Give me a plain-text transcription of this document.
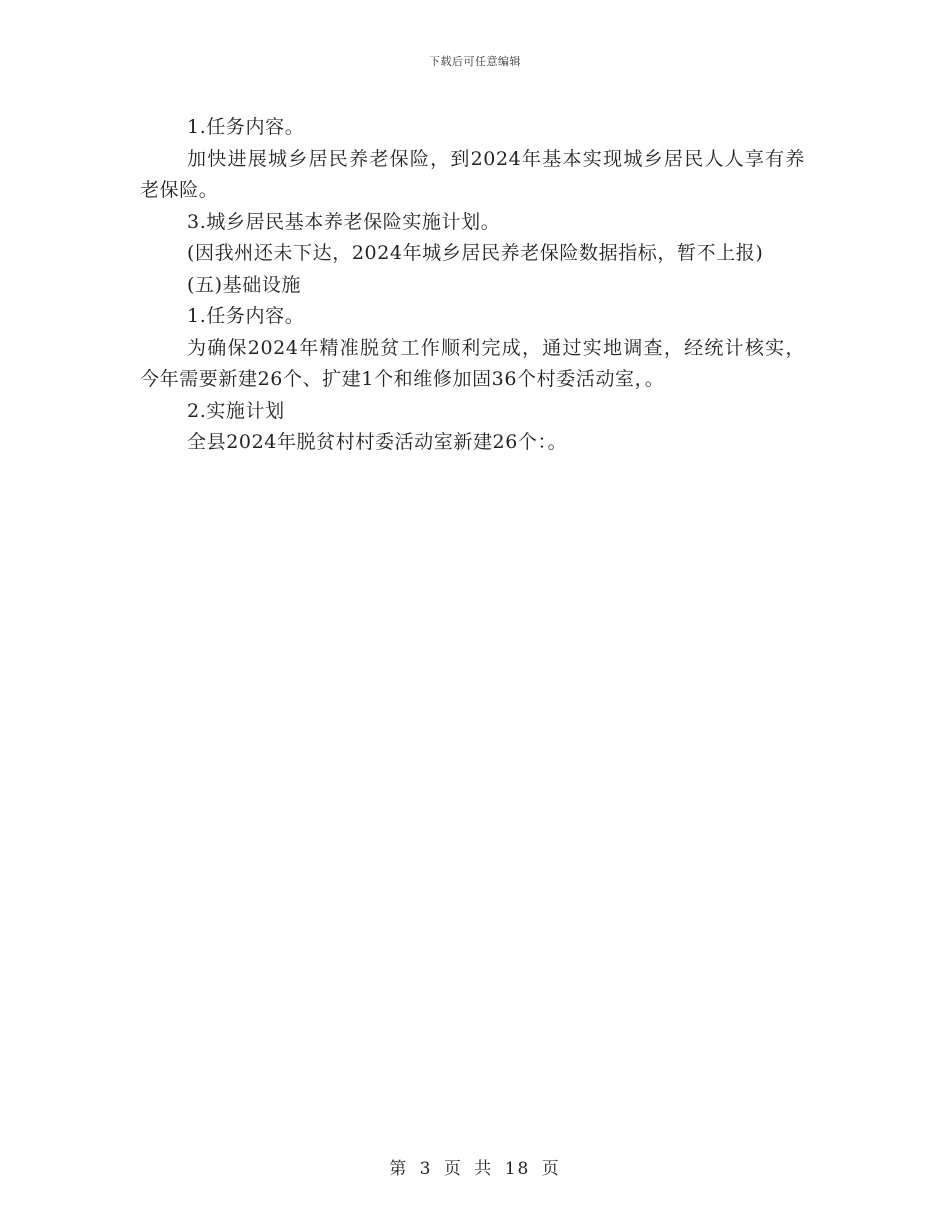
下载后可任意编辑

1.任务内容。

加快进展城乡居民养老保险，到2024年基本实现城乡居民人人享有养老保险。

3.城乡居民基本养老保险实施计划。

(因我州还未下达，2024年城乡居民养老保险数据指标，暂不上报)

(五)基础设施

1.任务内容。

为确保2024年精准脱贫工作顺利完成，通过实地调查，经统计核实，今年需要新建26个、扩建1个和维修加固36个村委活动室，。

2.实施计划

全县2024年脱贫村村委活动室新建26个：。

第 3 页 共 18 页
